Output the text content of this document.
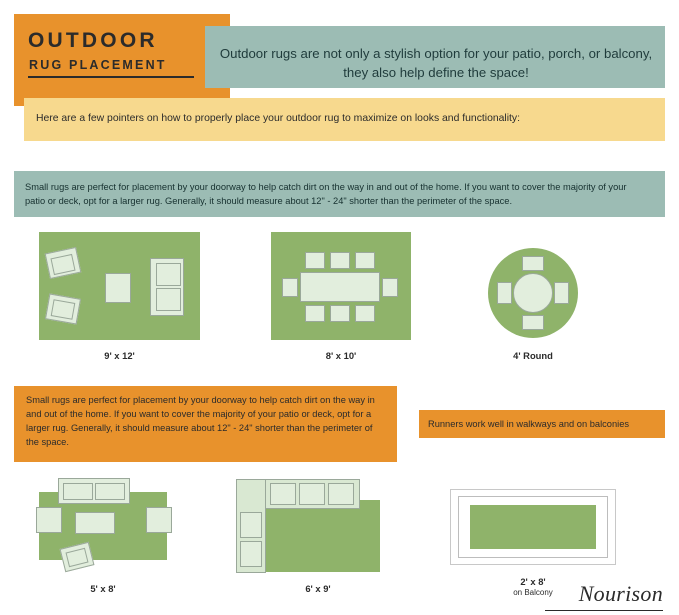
OUTDOOR
RUG PLACEMENT
Outdoor rugs are not only a stylish option for your patio, porch, or balcony, they also help define the space!
Here are a few pointers on how to properly place your outdoor rug to maximize on looks and functionality:
Small rugs are perfect for placement by your doorway to help catch dirt on the way in and out of the home. If you want to cover the majority of your patio or deck, opt for a larger rug. Generally, it should measure about 12" - 24" shorter than the perimeter of the space.
9' x 12'	8' x 10'	4' Round
Small rugs are perfect for placement by your doorway to help catch dirt on the way in and out of the home. If you want to cover the majority of your patio or deck, opt for a larger rug. Generally, it should measure about 12" - 24" shorter than the perimeter of the space.
Runners work well in walkways and on balconies
5' x 8'	6' x 9'
2' x 8'
on Balcony	Nourison
